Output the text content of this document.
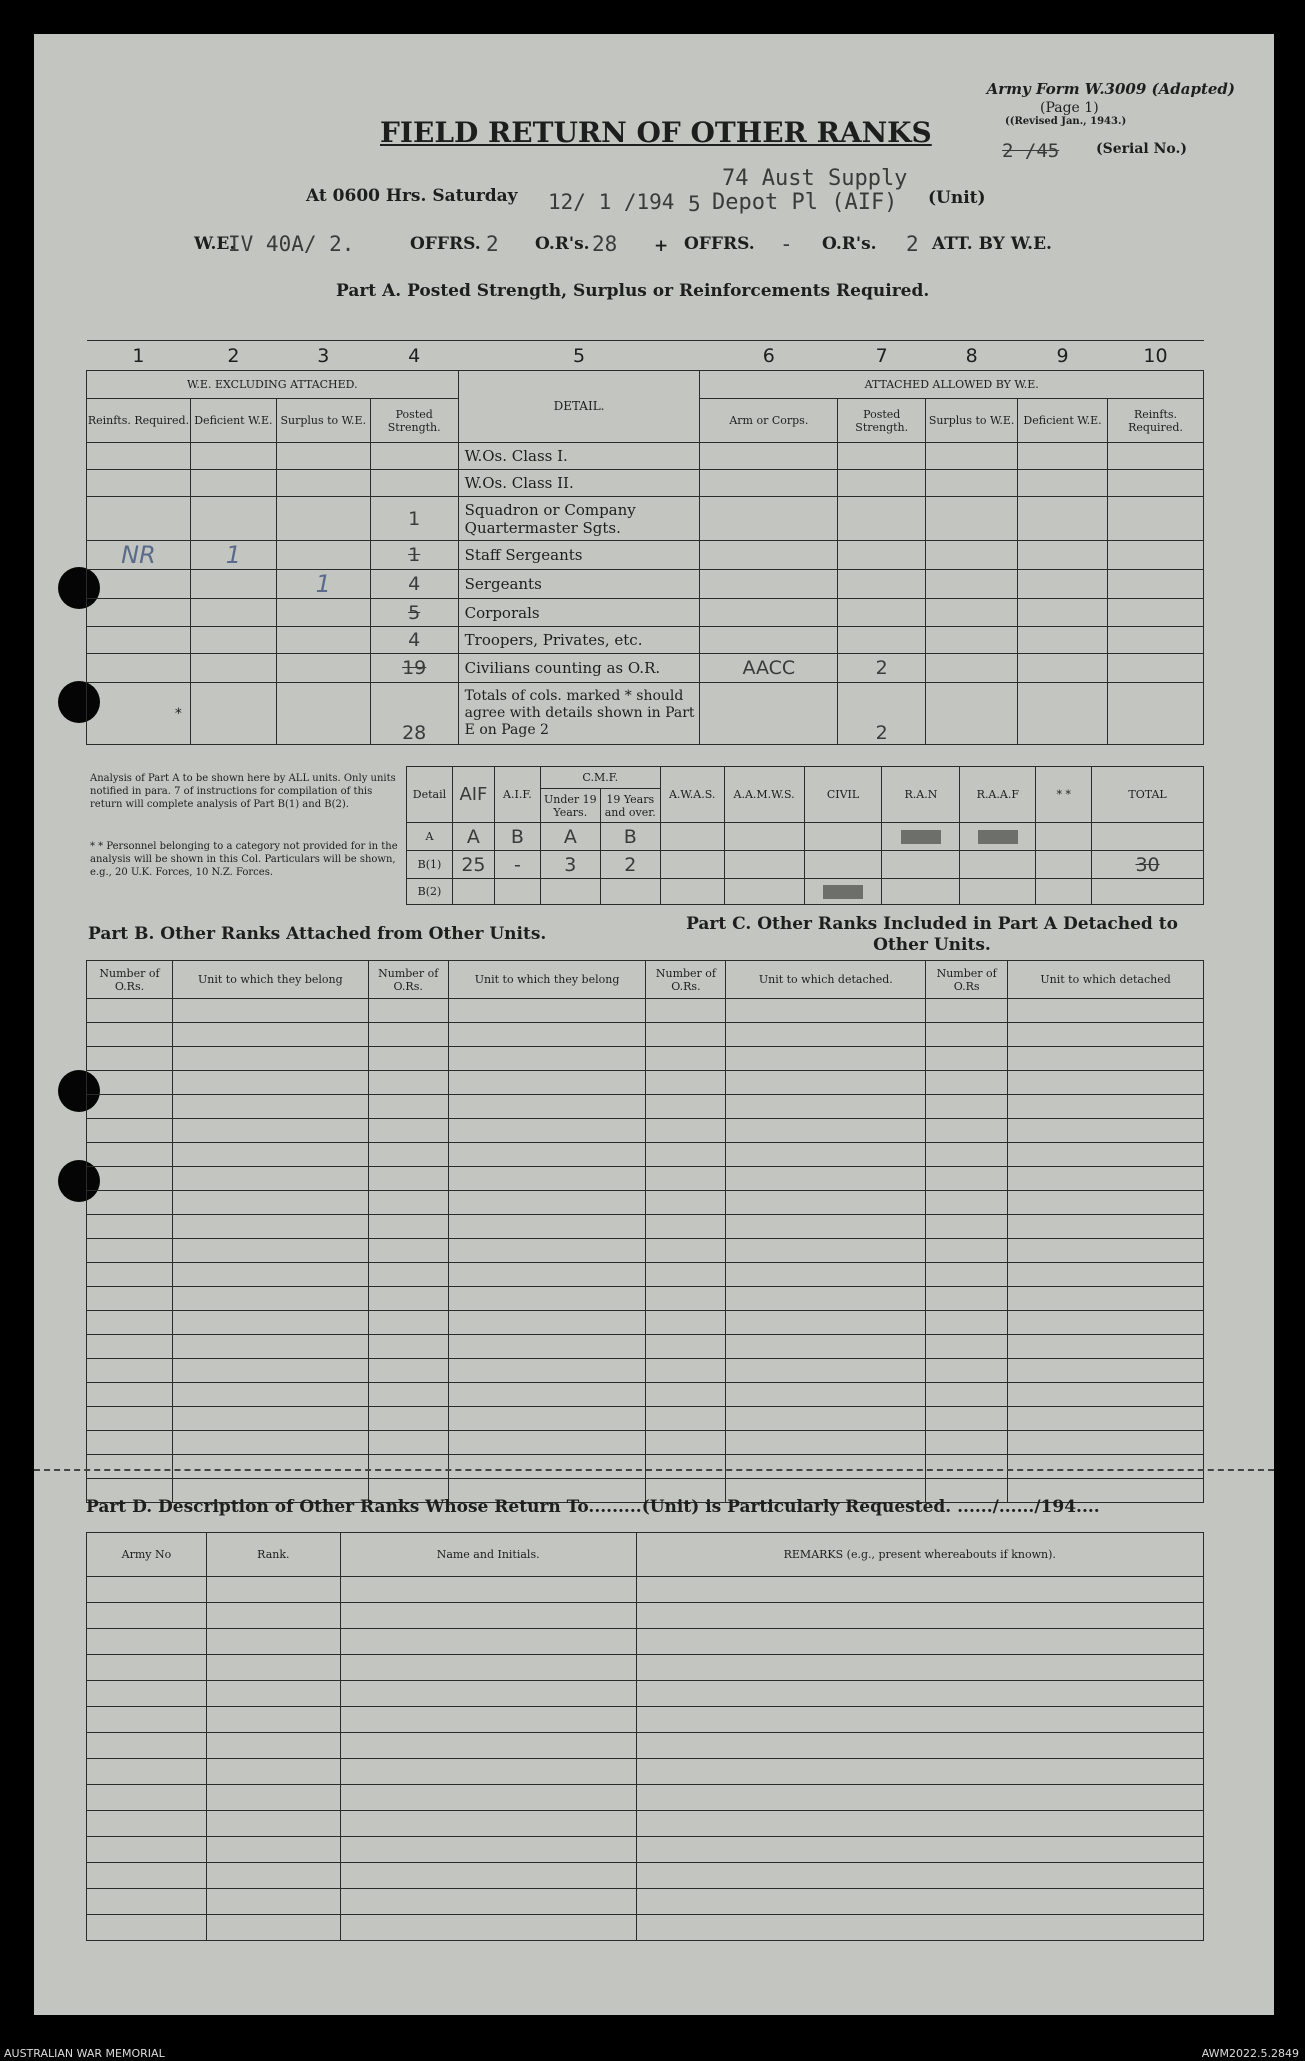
Army Form W.3009 (Adapted)
(Page 1)
((Revised Jan., 1943.)
2 /45	(Serial No.)
FIELD RETURN OF OTHER RANKS
At 0600 Hrs. Saturday 12/ 1 /194 5
74 Aust Supply
Depot Pl (AIF) (Unit)
W.E.
IV 40A/ 2.	OFFRS. 2 O.R's. 28 + OFFRS. - O.R's. 2 ATT. BY W.E.
Part A. Posted Strength, Surplus or Reinforcements Required.
1	2	3	4	5	6	7	8	9	10
W.E. EXCLUDING ATTACHED.				DETAIL.	ATTACHED ALLOWED BY W.E.				
Reinfts. Required.	Deficient W.E.	Surplus to W.E.	Posted Strength.		Arm or Corps.	Posted Strength.	Surplus to W.E.	Deficient W.E.	Reinfts. Required.
				W.Os. Class I.					
				W.Os. Class II.					
			1	Squadron or Company Quartermaster Sgts.					
NR	1		1	Staff Sergeants					
		1	4	Sergeants					
			5	Corporals					
			4	Troopers, Privates, etc.					
			19	Civilians counting as O.R.	AACC	2			
*			28	Totals of cols. marked * should agree with details shown in Part E on Page 2		2			
Analysis of Part A to be shown here by ALL units. Only units notified in para. 7 of instructions for compilation of this return will complete analysis of Part B(1) and B(2).
* * Personnel belonging to a category not provided for in the analysis will be shown in this Col. Particulars will be shown, e.g., 20 U.K. Forces, 10 N.Z. Forces.
Detail	AIF	A.I.F.	C.M.F.		A.W.A.S.	A.A.M.W.S.	CIVIL	R.A.N	R.A.A.F	* *	TOTAL
			Under 19 Years.	19 Years and over.							
A	A	B	A	B				

B(1)	25	-	3	2							30
B(2)							

Part B. Other Ranks Attached from Other Units.	Part C. Other Ranks Included in Part A Detached to Other Units.
Number of O.Rs.	Unit to which they belong	Number of O.Rs.	Unit to which they belong	Number of O.Rs.	Unit to which detached.	Number of O.Rs	Unit to which detached

Part D. Description of Other Ranks Whose Return To.........(Unit) is Particularly Requested. ....../....../194....
Army No	Rank.	Name and Initials.	REMARKS (e.g., present whereabouts if known).

AUSTRALIAN WAR MEMORIAL	AWM2022.5.2849
